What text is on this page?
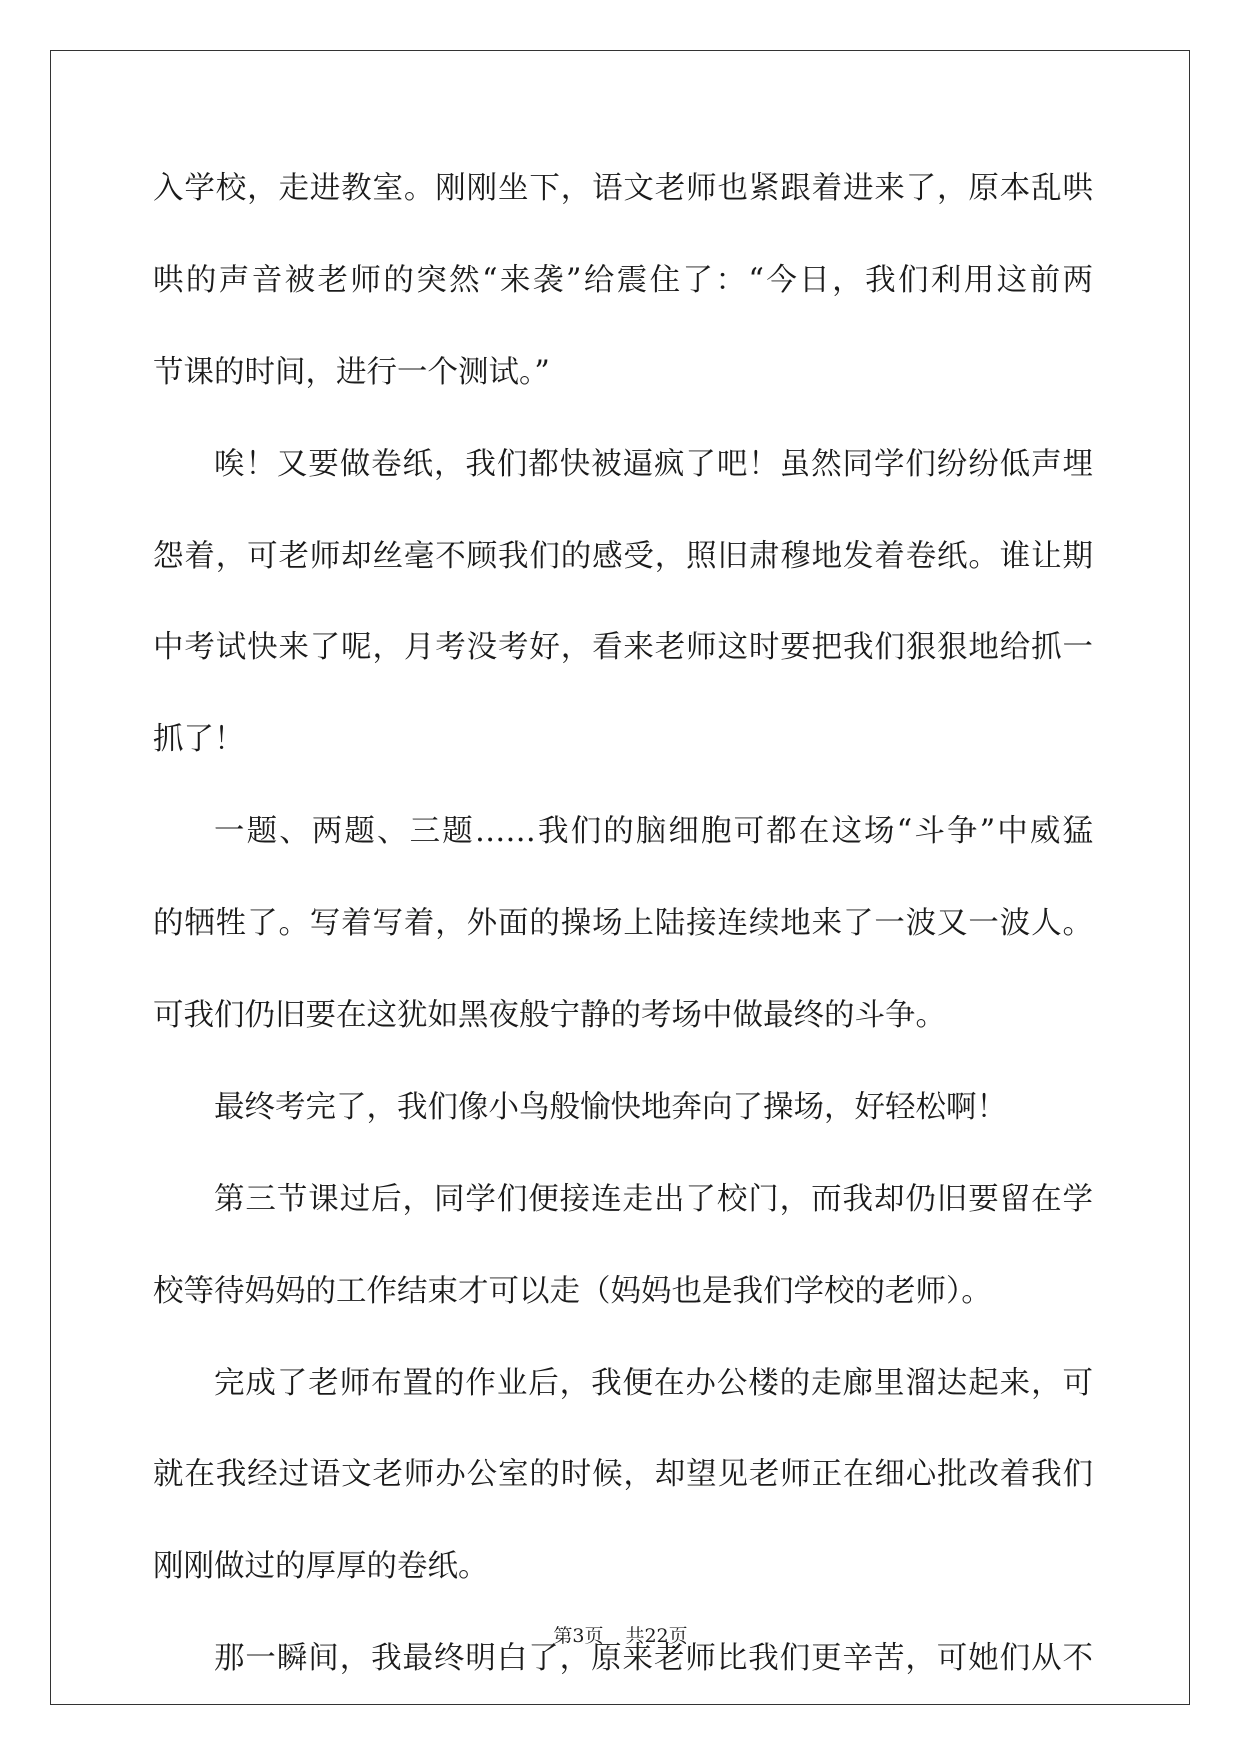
入学校，走进教室。刚刚坐下，语文老师也紧跟着进来了，原本乱哄
哄的声音被老师的突然“来袭”给震住了：“今日，我们利用这前两
节课的时间，进行一个测试。”
唉！又要做卷纸，我们都快被逼疯了吧！虽然同学们纷纷低声埋
怨着，可老师却丝毫不顾我们的感受，照旧肃穆地发着卷纸。谁让期
中考试快来了呢，月考没考好，看来老师这时要把我们狠狠地给抓一
抓了！
一题、两题、三题……我们的脑细胞可都在这场“斗争”中威猛
的牺牲了。写着写着，外面的操场上陆接连续地来了一波又一波人。
可我们仍旧要在这犹如黑夜般宁静的考场中做最终的斗争。
最终考完了，我们像小鸟般愉快地奔向了操场，好轻松啊！
第三节课过后，同学们便接连走出了校门，而我却仍旧要留在学
校等待妈妈的工作结束才可以走（妈妈也是我们学校的老师）。
完成了老师布置的作业后，我便在办公楼的走廊里溜达起来，可
就在我经过语文老师办公室的时候，却望见老师正在细心批改着我们
刚刚做过的厚厚的卷纸。
那一瞬间，我最终明白了，原来老师比我们更辛苦，可她们从不
第3页 共22页
